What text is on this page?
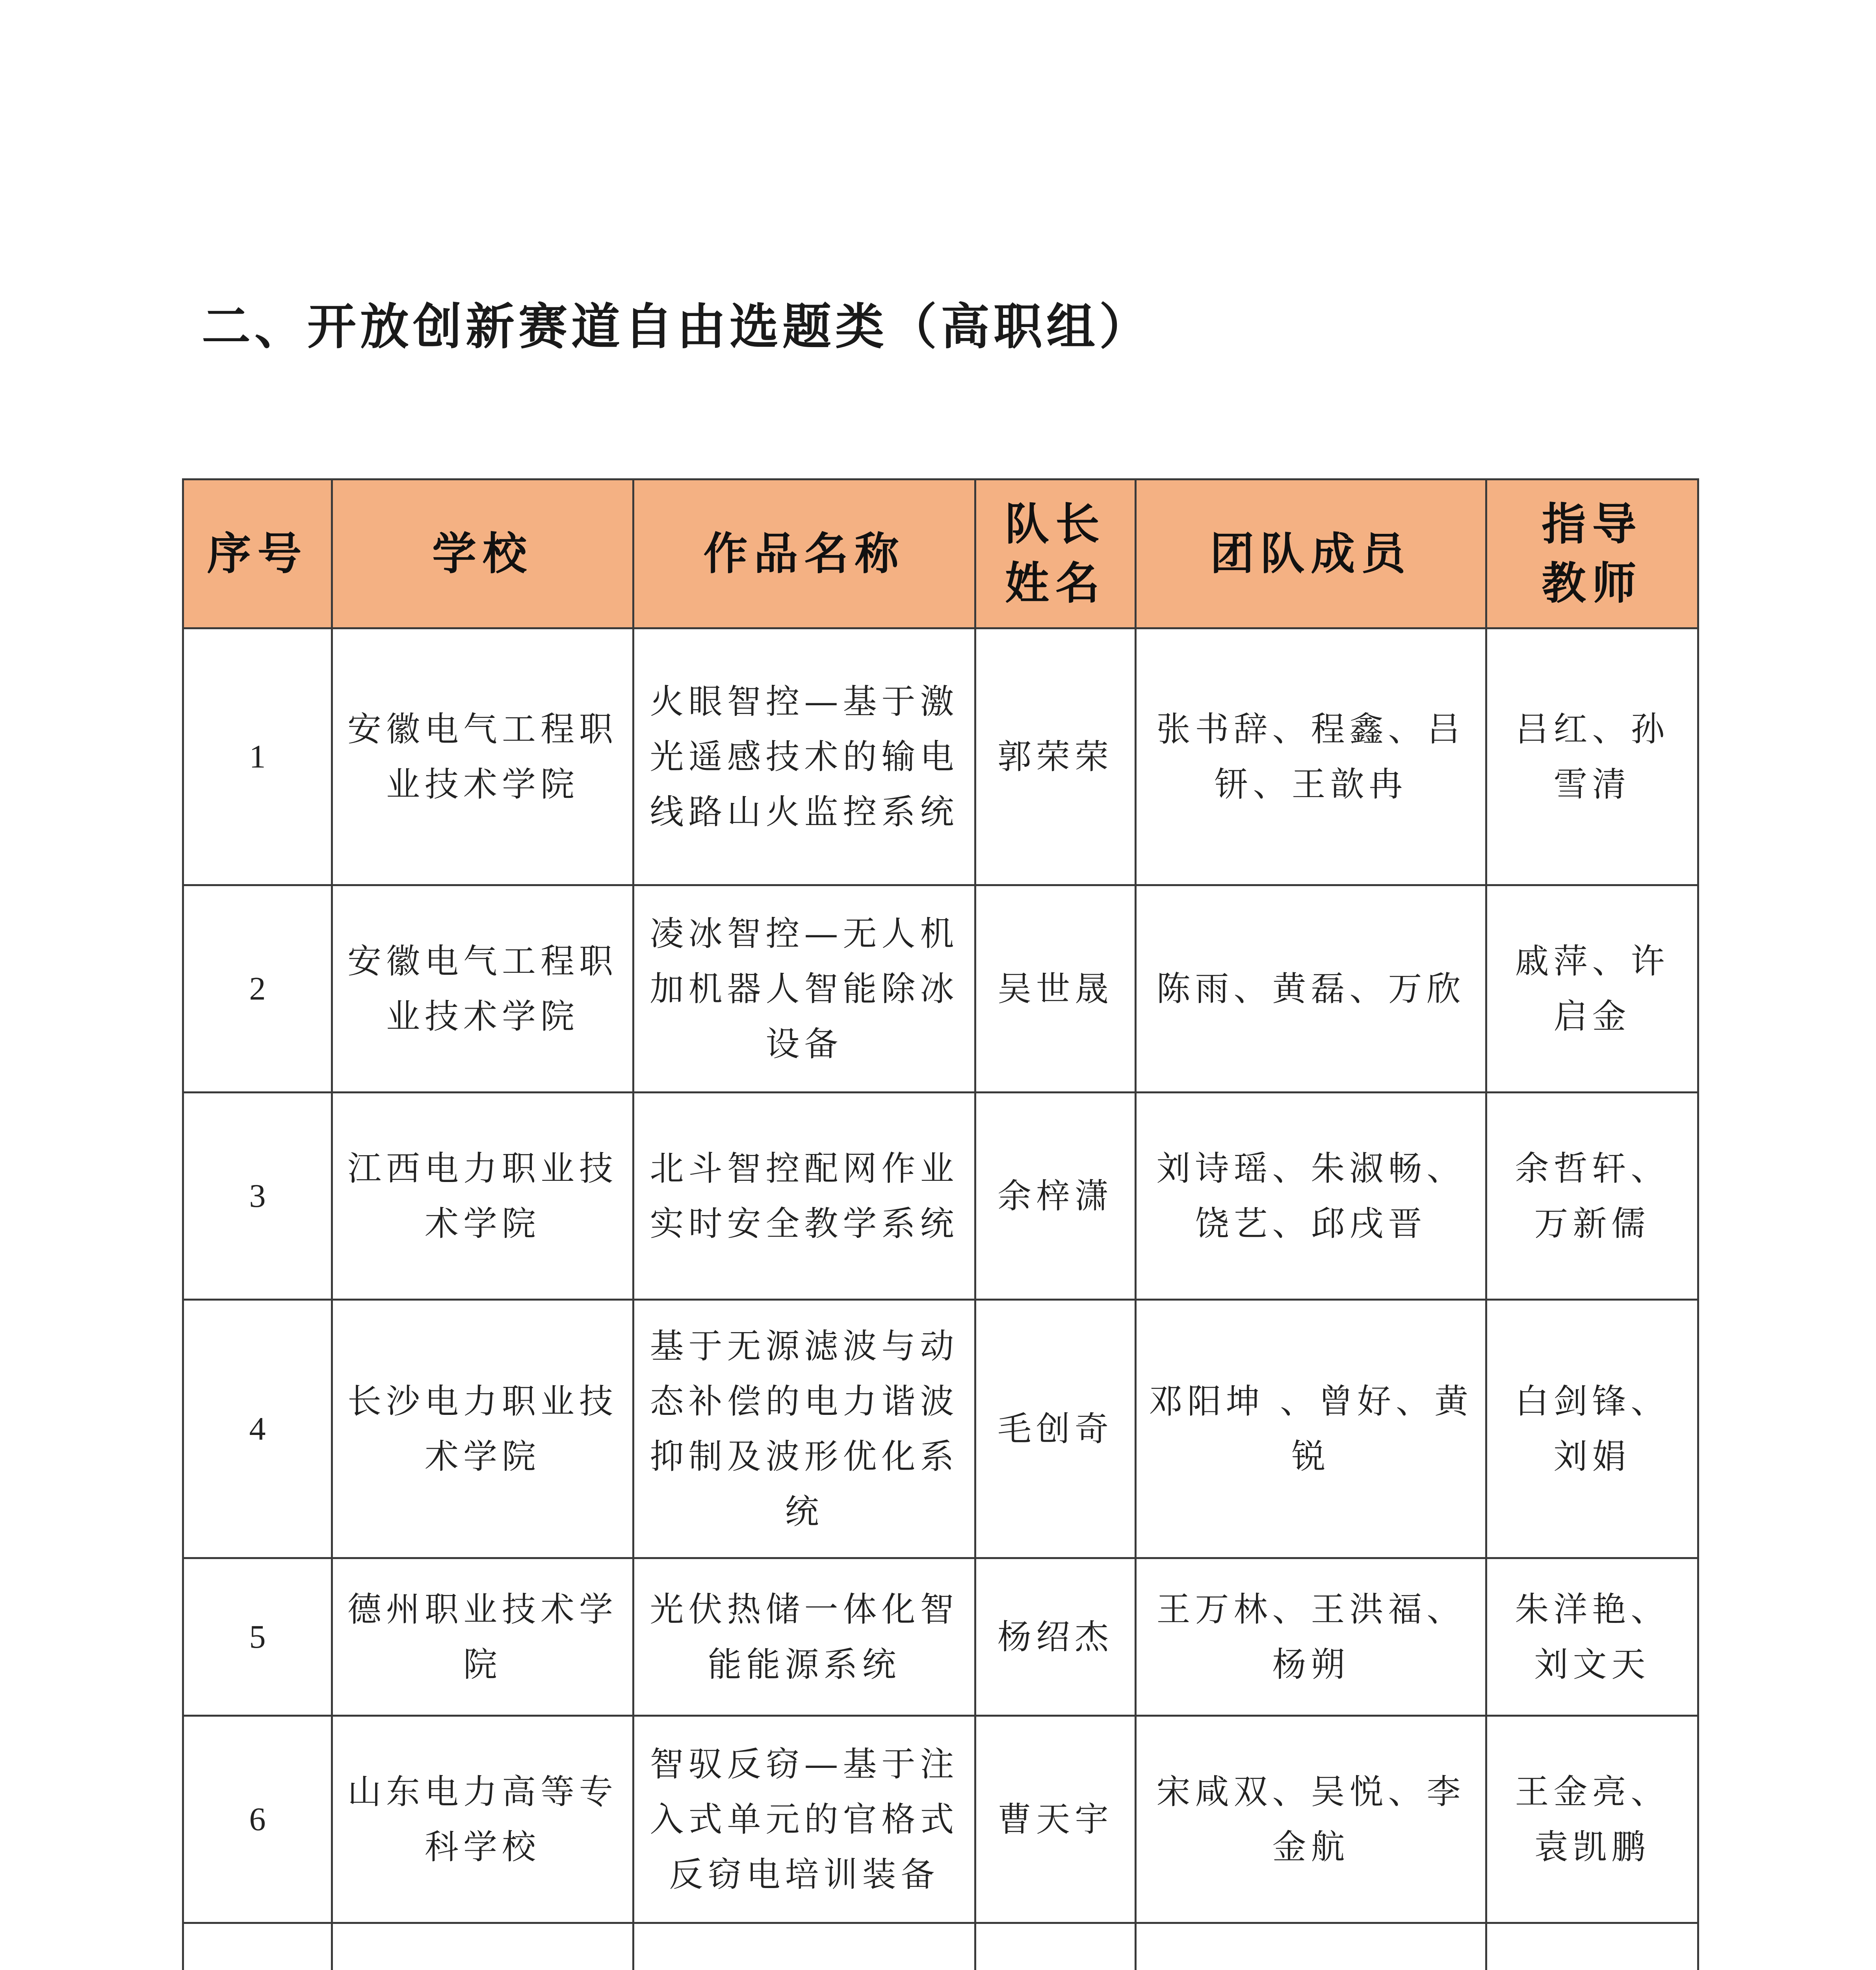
二、开放创新赛道自由选题类（高职组）
序号	学校	作品名称	队长姓名	团队成员	指导教师
1	安徽电气工程职业技术学院	火眼智控—基于激光遥感技术的输电线路山火监控系统	郭荣荣	张书辞、程鑫、吕钘、王歆冉	吕红、孙雪清
2	安徽电气工程职业技术学院	凌冰智控—无人机加机器人智能除冰设备	吴世晟	陈雨、黄磊、万欣	戚萍、许启金
3	江西电力职业技术学院	北斗智控配网作业实时安全教学系统	余梓潇	刘诗瑶、朱淑畅、饶艺、邱戌晋	余哲轩、万新儒
4	长沙电力职业技术学院	基于无源滤波与动态补偿的电力谐波抑制及波形优化系统	毛创奇	邓阳坤 、曾好、黄锐	白剑锋、刘娟
5	德州职业技术学院	光伏热储一体化智能能源系统	杨绍杰	王万林、王洪福、杨朔	朱洋艳、刘文天
6	山东电力高等专科学校	智驭反窃—基于注入式单元的官格式反窃电培训装备	曹天宇	宋咸双、吴悦、李金航	王金亮、袁凯鹏
